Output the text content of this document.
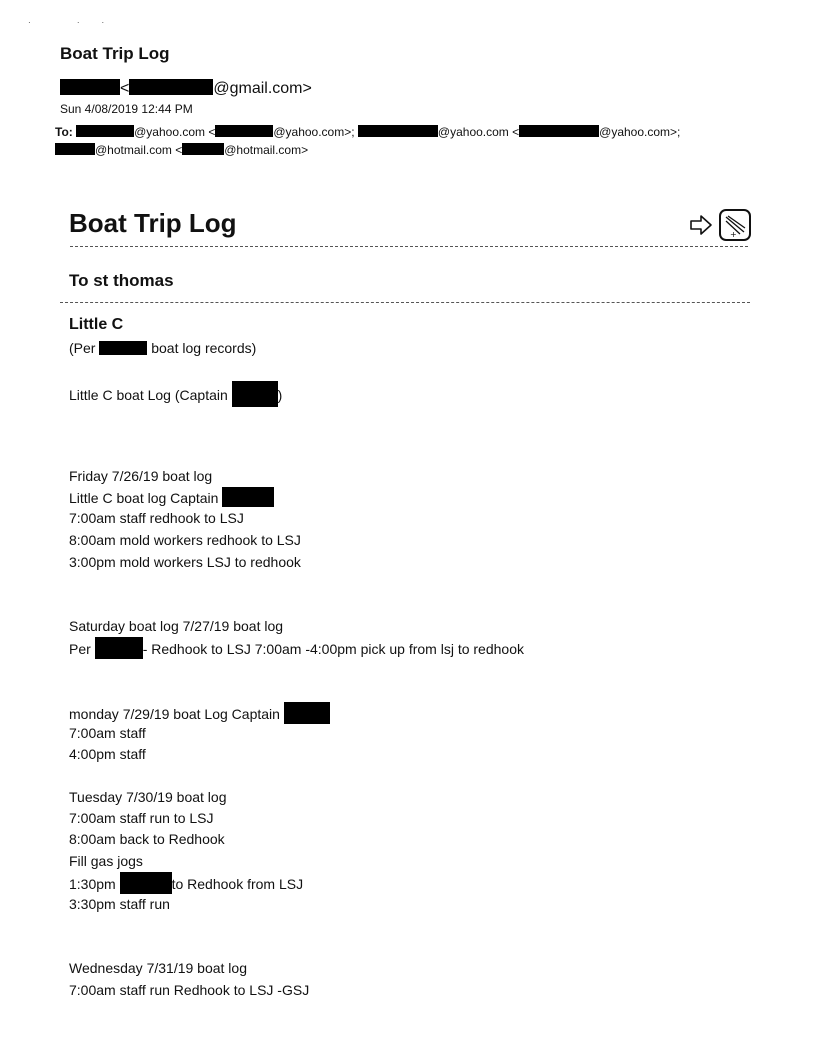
· ··
Boat Trip Log
<	@gmail.com>
Sun 4/08/2019 12:44 PM
To:	@yahoo.com <	@yahoo.com>;	@yahoo.com <	@yahoo.com>;
@hotmail.com <	@hotmail.com>
Boat Trip Log	+
To st thomas
Little C
(Per	boat log records)
Little C boat Log (Captain	)
Friday 7/26/19 boat log
Little C boat log Captain
7:00am staff redhook to LSJ
8:00am mold workers redhook to LSJ
3:00pm mold workers LSJ to redhook
Saturday boat log 7/27/19 boat log
Per	- Redhook to LSJ 7:00am -4:00pm pick up from lsj to redhook
monday 7/29/19 boat Log Captain
7:00am staff
4:00pm staff
Tuesday 7/30/19 boat log
7:00am staff run to LSJ
8:00am back to Redhook
Fill gas jogs
1:30pm	to Redhook from LSJ
3:30pm staff run
Wednesday 7/31/19 boat log
7:00am staff run Redhook to LSJ -GSJ
